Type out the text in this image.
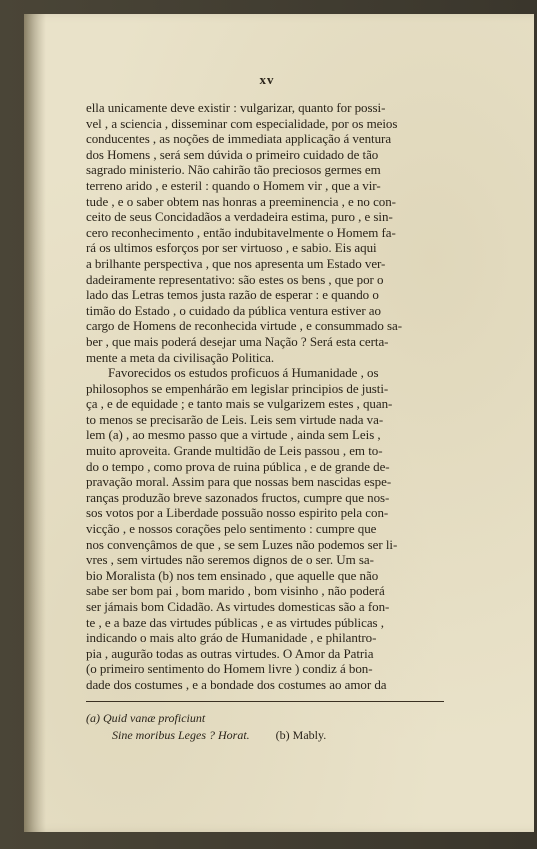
xv
ella unicamente deve existir : vulgarizar, quanto for possi-
vel , a sciencia , disseminar com especialidade, por os meios
conducentes , as noções de immediata applicação á ventura
dos Homens , será sem dúvida o primeiro cuidado de tão
sagrado ministerio. Não cahirão tão preciosos germes em
terreno arido , e esteril : quando o Homem vir , que a vir-
tude , e o saber obtem nas honras a preeminencia , e no con-
ceito de seus Concidadãos a verdadeira estima, puro , e sin-
cero reconhecimento , então indubitavelmente o Homem fa-
rá os ultimos esforços por ser virtuoso , e sabio. Eis aqui
a brilhante perspectiva , que nos apresenta um Estado ver-
dadeiramente representativo: são estes os bens , que por o
lado das Letras temos justa razão de esperar : e quando o
timão do Estado , o cuidado da pública ventura estiver ao
cargo de Homens de reconhecida virtude , e consummado sa-
ber , que mais poderá desejar uma Nação ? Será esta certa-
mente a meta da civilisação Politica.
Favorecidos os estudos proficuos á Humanidade , os
philosophos se empenhárão em legislar principios de justi-
ça , e de equidade ; e tanto mais se vulgarizem estes , quan-
to menos se precisarão de Leis. Leis sem virtude nada va-
lem (a) , ao mesmo passo que a virtude , ainda sem Leis ,
muito aproveita. Grande multidão de Leis passou , em to-
do o tempo , como prova de ruina pública , e de grande de-
pravação moral. Assim para que nossas bem nascidas espe-
ranças produzão breve sazonados fructos, cumpre que nos-
sos votos por a Liberdade possuão nosso espirito pela con-
vicção , e nossos corações pelo sentimento : cumpre que
nos convençâmos de que , se sem Luzes não podemos ser li-
vres , sem virtudes não seremos dignos de o ser. Um sa-
bio Moralista (b) nos tem ensinado , que aquelle que não
sabe ser bom pai , bom marido , bom visinho , não poderá
ser jámais bom Cidadão. As virtudes domesticas são a fon-
te , e a baze das virtudes públicas , e as virtudes públicas ,
indicando o mais alto gráo de Humanidade , e philantro-
pia , augurão todas as outras virtudes. O Amor da Patria
(o primeiro sentimento do Homem livre ) condiz á bon-
dade dos costumes , e a bondade dos costumes ao amor da
(a) Quid vanæ proficiunt
Sine moribus Leges ? Horat. (b) Mably.
